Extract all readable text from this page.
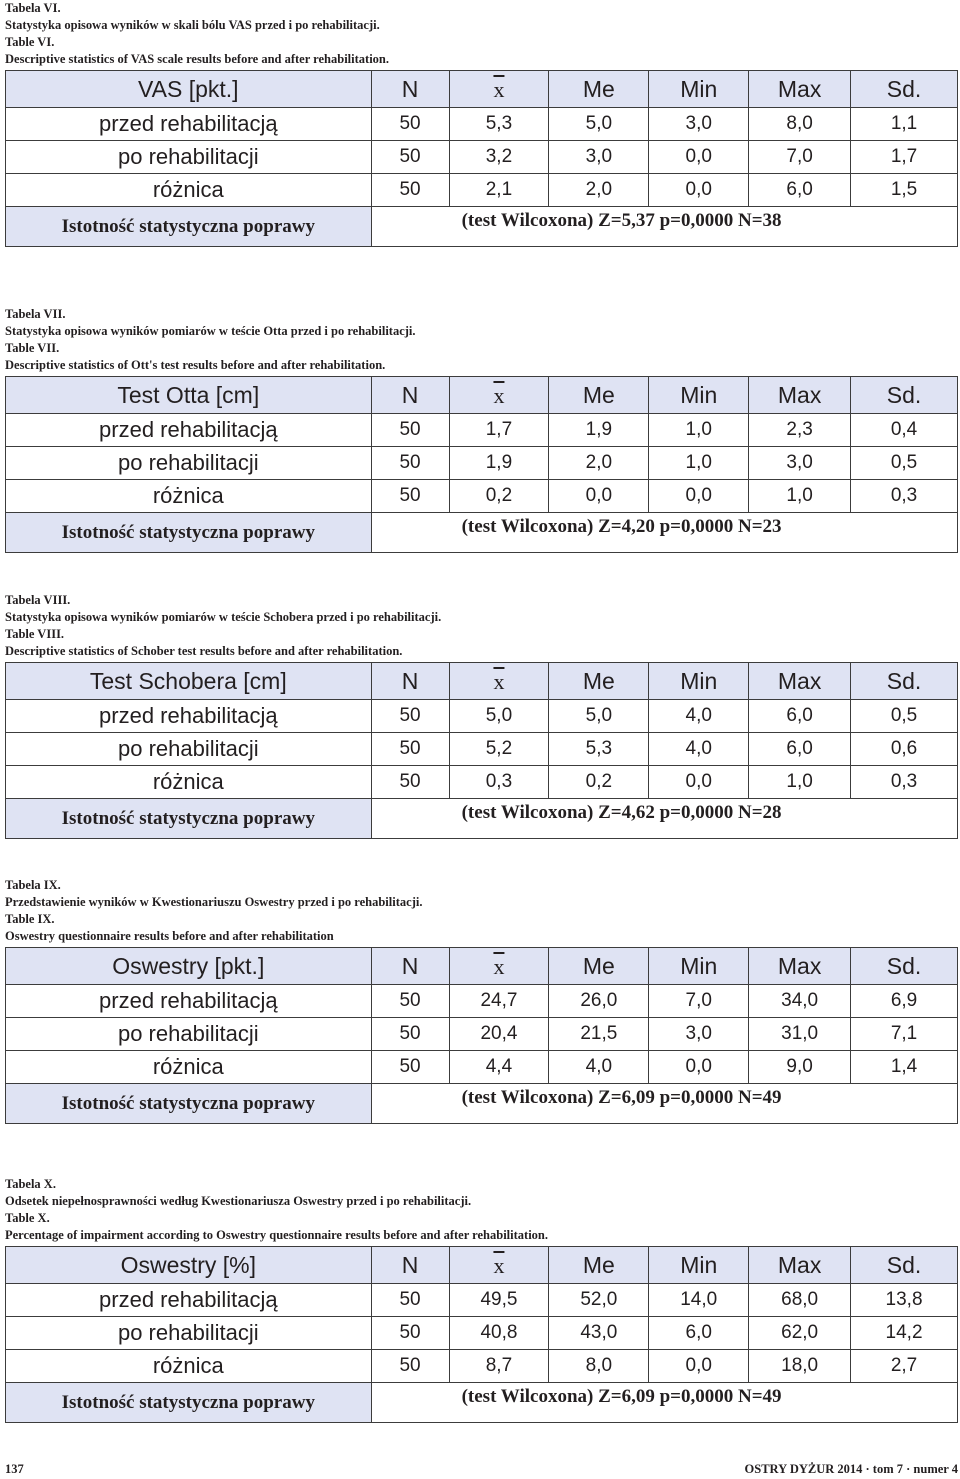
Tabela VI.
Statystyka opisowa wyników w skali bólu VAS przed i po rehabilitacji.
Table VI.
Descriptive statistics of VAS scale results before and after rehabilitation.
VAS [pkt.]	N	$\overline{x}$	Me	Min	Max	Sd.
przed rehabilitacją	50	5,3	5,0	3,0	8,0	1,1
po rehabilitacji	50	3,2	3,0	0,0	7,0	1,7
różnica	50	2,1	2,0	0,0	6,0	1,5
Istotność statystyczna poprawy	(test Wilcoxona) Z=5,37 p=0,0000 N=38					
Tabela VII.
Statystyka opisowa wyników pomiarów w teście Otta przed i po rehabilitacji.
Table VII.
Descriptive statistics of Ott's test results before and after rehabilitation.
Test Otta [cm]	N	$\overline{x}$	Me	Min	Max	Sd.
przed rehabilitacją	50	1,7	1,9	1,0	2,3	0,4
po rehabilitacji	50	1,9	2,0	1,0	3,0	0,5
różnica	50	0,2	0,0	0,0	1,0	0,3
Istotność statystyczna poprawy	(test Wilcoxona) Z=4,20 p=0,0000 N=23					
Tabela VIII.
Statystyka opisowa wyników pomiarów w teście Schobera przed i po rehabilitacji.
Table VIII.
Descriptive statistics of Schober test results before and after rehabilitation.
Test Schobera [cm]	N	$\overline{x}$	Me	Min	Max	Sd.
przed rehabilitacją	50	5,0	5,0	4,0	6,0	0,5
po rehabilitacji	50	5,2	5,3	4,0	6,0	0,6
różnica	50	0,3	0,2	0,0	1,0	0,3
Istotność statystyczna poprawy	(test Wilcoxona) Z=4,62 p=0,0000 N=28					
Tabela IX.
Przedstawienie wyników w Kwestionariuszu Oswestry przed i po rehabilitacji.
Table IX.
Oswestry questionnaire results before and after rehabilitation
Oswestry [pkt.]	N	$\overline{x}$	Me	Min	Max	Sd.
przed rehabilitacją	50	24,7	26,0	7,0	34,0	6,9
po rehabilitacji	50	20,4	21,5	3,0	31,0	7,1
różnica	50	4,4	4,0	0,0	9,0	1,4
Istotność statystyczna poprawy	(test Wilcoxona) Z=6,09 p=0,0000 N=49					
Tabela X.
Odsetek niepełnosprawności według Kwestionariusza Oswestry przed i po rehabilitacji.
Table X.
Percentage of impairment according to Oswestry questionnaire results before and after rehabilitation.
Oswestry [%]	N	$\overline{x}$	Me	Min	Max	Sd.
przed rehabilitacją	50	49,5	52,0	14,0	68,0	13,8
po rehabilitacji	50	40,8	43,0	6,0	62,0	14,2
różnica	50	8,7	8,0	0,0	18,0	2,7
Istotność statystyczna poprawy	(test Wilcoxona) Z=6,09 p=0,0000 N=49					
137	OSTRY DYŻUR 2014 · tom 7 · numer 4
